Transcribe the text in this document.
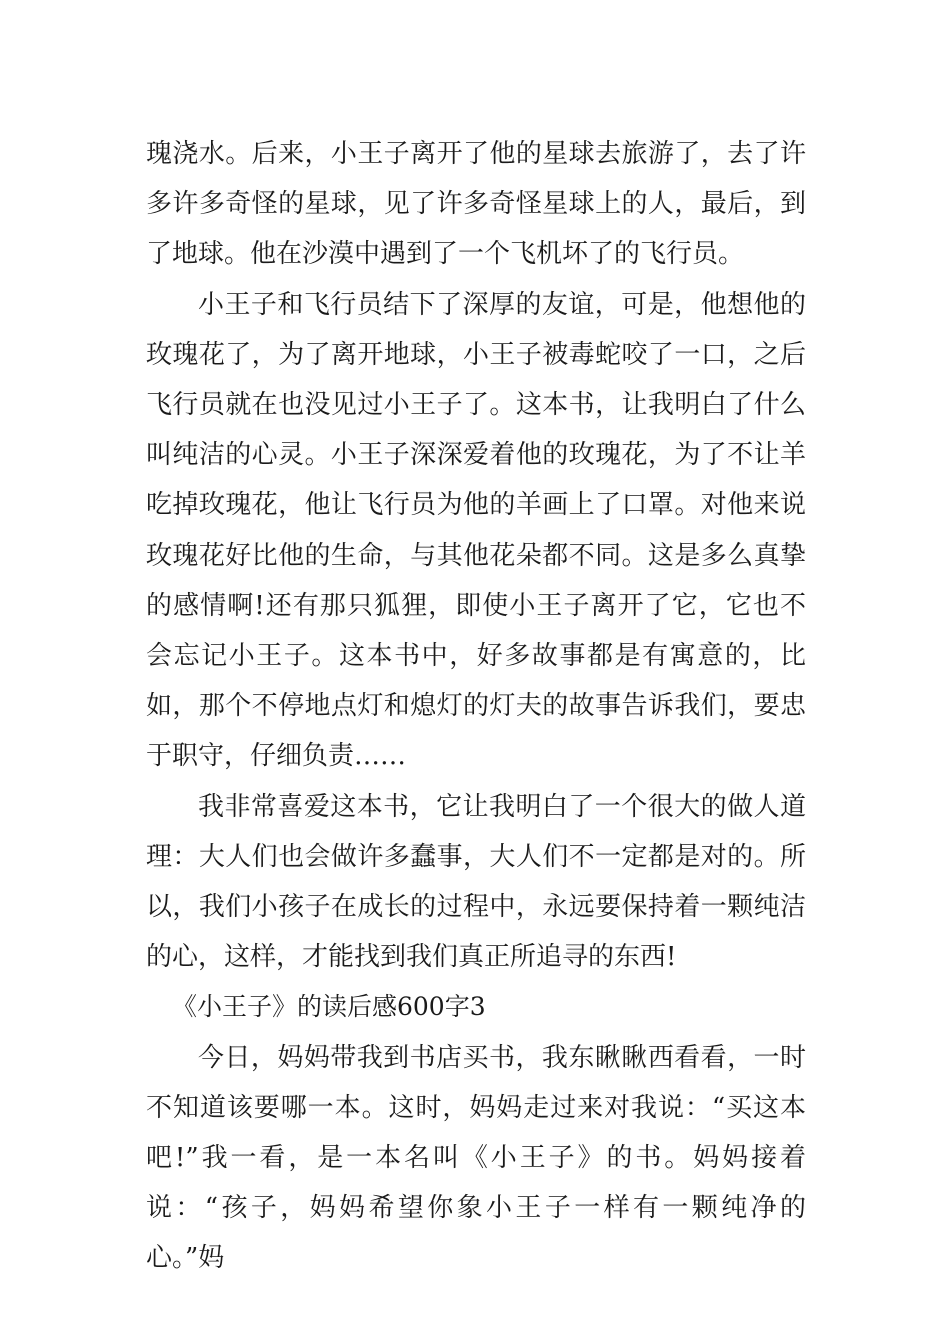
瑰浇水。后来，小王子离开了他的星球去旅游了，去了许多许多奇怪的星球，见了许多奇怪星球上的人，最后，到了地球。他在沙漠中遇到了一个飞机坏了的飞行员。

小王子和飞行员结下了深厚的友谊，可是，他想他的玫瑰花了，为了离开地球，小王子被毒蛇咬了一口，之后飞行员就在也没见过小王子了。这本书，让我明白了什么叫纯洁的心灵。小王子深深爱着他的玫瑰花，为了不让羊吃掉玫瑰花，他让飞行员为他的羊画上了口罩。对他来说玫瑰花好比他的生命，与其他花朵都不同。这是多么真挚的感情啊!还有那只狐狸，即使小王子离开了它，它也不会忘记小王子。这本书中，好多故事都是有寓意的，比如，那个不停地点灯和熄灯的灯夫的故事告诉我们，要忠于职守，仔细负责……

我非常喜爱这本书，它让我明白了一个很大的做人道理：大人们也会做许多蠢事，大人们不一定都是对的。所以，我们小孩子在成长的过程中，永远要保持着一颗纯洁的心，这样，才能找到我们真正所追寻的东西!

《小王子》的读后感600字3

今日，妈妈带我到书店买书，我东瞅瞅西看看，一时不知道该要哪一本。这时，妈妈走过来对我说：“买这本吧!”我一看，是一本名叫《小王子》的书。妈妈接着说：“孩子，妈妈希望你象小王子一样有一颗纯净的心。”妈
